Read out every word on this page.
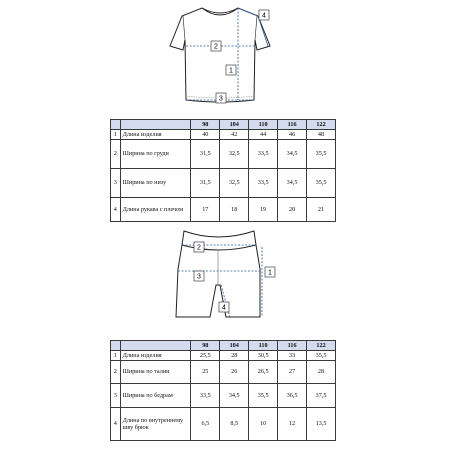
1
2
3
4
		98	104	110	116	122
1	Длина изделия	40	42	44	46	48
2	Ширина по груди	31,5	32,5	33,5	34,5	35,5
3	Ширина по низу	31,5	32,5	33,5	34,5	35,5
4	Длина рукава с плечом	17	18	19	20	21
1
2
3
4
		98	104	110	116	122
1	Длина изделия	25,5	28	30,5	33	35,5
2	Ширина по талии	25	26	26,5	27	28
3	Ширина по бедрам	33,5	34,5	35,5	36,5	37,5
4	Длина по внутреннему шву брюк	6,5	8,5	10	12	13,5
